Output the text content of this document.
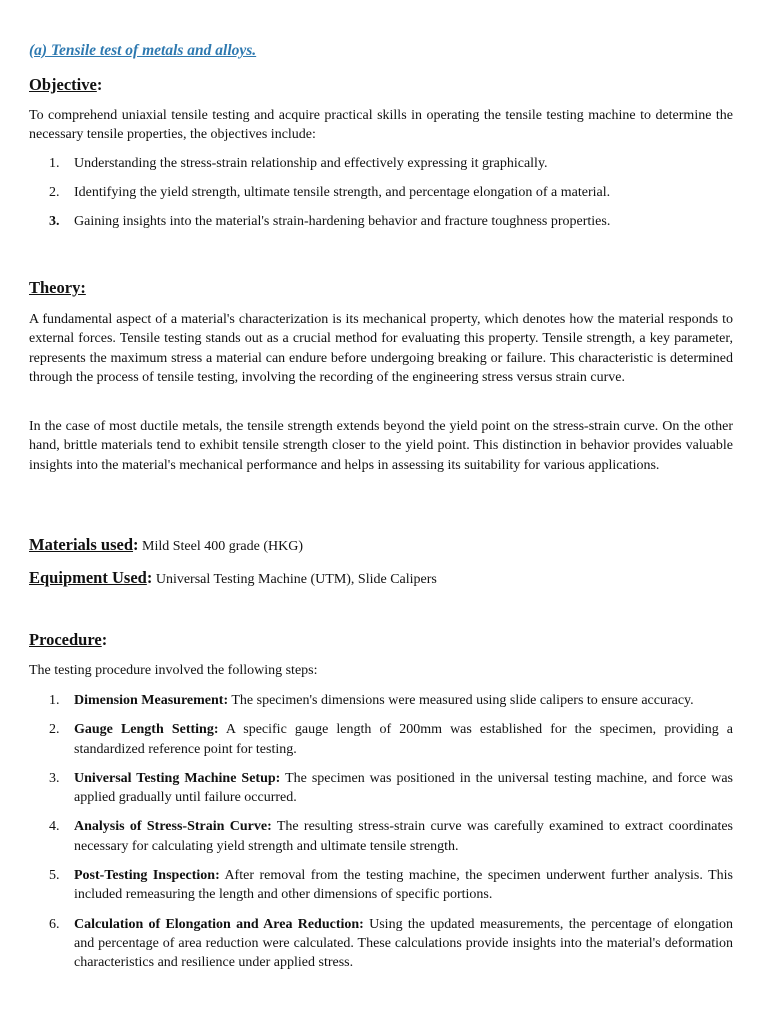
(a) Tensile test of metals and alloys.
Objective:

To comprehend uniaxial tensile testing and acquire practical skills in operating the tensile testing machine to determine the necessary tensile properties, the objectives include:

1. Understanding the stress-strain relationship and effectively expressing it graphically.
2. Identifying the yield strength, ultimate tensile strength, and percentage elongation of a material.
3. Gaining insights into the material's strain-hardening behavior and fracture toughness properties.
Theory:

A fundamental aspect of a material's characterization is its mechanical property, which denotes how the material responds to external forces. Tensile testing stands out as a crucial method for evaluating this property. Tensile strength, a key parameter, represents the maximum stress a material can endure before undergoing breaking or failure. This characteristic is determined through the process of tensile testing, involving the recording of the engineering stress versus strain curve.

In the case of most ductile metals, the tensile strength extends beyond the yield point on the stress-strain curve. On the other hand, brittle materials tend to exhibit tensile strength closer to the yield point. This distinction in behavior provides valuable insights into the material's mechanical performance and helps in assessing its suitability for various applications.

Materials used: Mild Steel 400 grade (HKG)

Equipment Used: Universal Testing Machine (UTM), Slide Calipers

Procedure:

The testing procedure involved the following steps:

1. Dimension Measurement: The specimen's dimensions were measured using slide calipers to ensure accuracy.
2. Gauge Length Setting: A specific gauge length of 200mm was established for the specimen, providing a standardized reference point for testing.
3. Universal Testing Machine Setup: The specimen was positioned in the universal testing machine, and force was applied gradually until failure occurred.
4. Analysis of Stress-Strain Curve: The resulting stress-strain curve was carefully examined to extract coordinates necessary for calculating yield strength and ultimate tensile strength.
5. Post-Testing Inspection: After removal from the testing machine, the specimen underwent further analysis. This included remeasuring the length and other dimensions of specific portions.
6. Calculation of Elongation and Area Reduction: Using the updated measurements, the percentage of elongation and percentage of area reduction were calculated. These calculations provide insights into the material's deformation characteristics and resilience under applied stress.
